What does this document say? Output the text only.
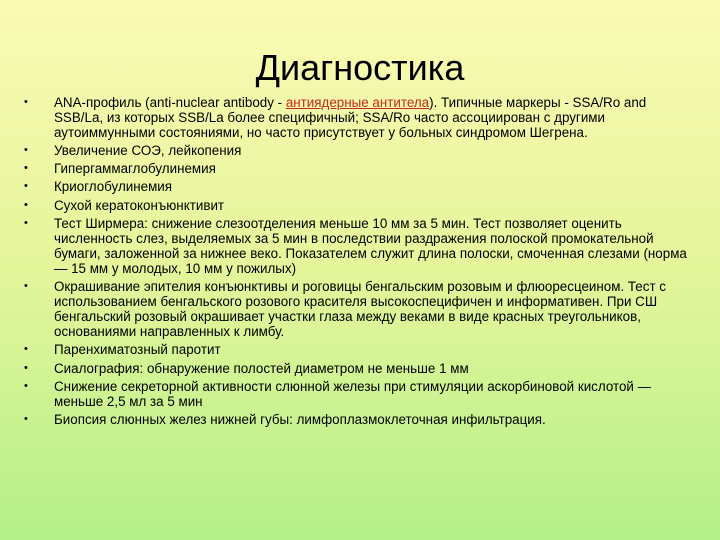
Диагностика
• ANA-профиль (anti-nuclear antibody - антиядерные антитела). Типичные маркеры - SSA/Ro and SSB/La, из которых SSB/La более специфичный; SSA/Ro часто ассоциирован с другими аутоиммунными состояниями, но часто присутствует у больных синдромом Шегрена.
• Увеличение СОЭ, лейкопения
• Гипергаммаглобулинемия
• Криоглобулинемия
• Сухой кератоконъюнктивит
• Тест Ширмера: снижение слезоотделения меньше 10 мм за 5 мин. Тест позволяет оценить численность слез, выделяемых за 5 мин в последствии раздражения полоской промокательной бумаги, заложенной за нижнее веко. Показателем служит длина полоски, смоченная слезами (норма — 15 мм у молодых, 10 мм у пожилых)
• Окрашивание эпителия конъюнктивы и роговицы бенгальским розовым и флюоресцеином. Тест с использованием бенгальского розового красителя высокоспецифичен и информативен. При СШ бенгальский розовый окрашивает участки глаза между веками в виде красных треугольников, основаниями направленных к лимбу.
• Паренхиматозный паротит
• Сиалография: обнаружение полостей диаметром не меньше 1 мм
• Снижение секреторной активности слюнной железы при стимуляции аскорбиновой кислотой — меньше 2,5 мл за 5 мин
• Биопсия слюнных желез нижней губы: лимфоплазмоклеточная инфильтрация.
